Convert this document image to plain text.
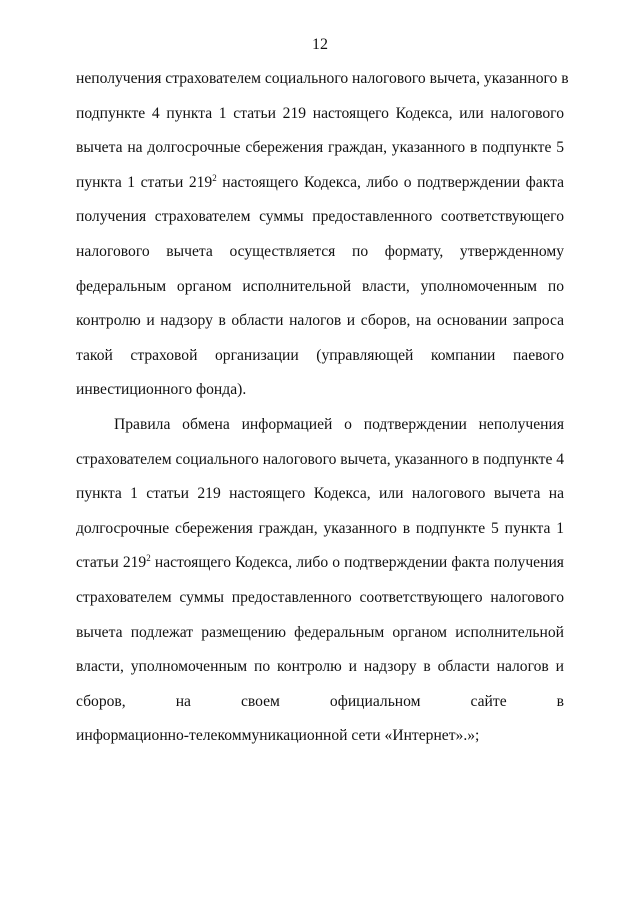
12
неполучения страхователем социального налогового вычета, указанного в
подпункте 4 пункта 1 статьи 219 настоящего Кодекса, или налогового
вычета на долгосрочные сбережения граждан, указанного в подпункте 5
пункта 1 статьи $219^2$ настоящего Кодекса, либо о подтверждении факта
получения страхователем суммы предоставленного соответствующего
налогового вычета осуществляется по формату, утвержденному
федеральным органом исполнительной власти, уполномоченным по
контролю и надзору в области налогов и сборов, на основании запроса
такой страховой организации (управляющей компании паевого
инвестиционного фонда).
Правила обмена информацией о подтверждении неполучения
страхователем социального налогового вычета, указанного в подпункте 4
пункта 1 статьи 219 настоящего Кодекса, или налогового вычета на
долгосрочные сбережения граждан, указанного в подпункте 5 пункта 1
статьи $219^2$ настоящего Кодекса, либо о подтверждении факта получения
страхователем суммы предоставленного соответствующего налогового
вычета подлежат размещению федеральным органом исполнительной
власти, уполномоченным по контролю и надзору в области налогов и
сборов, на своем официальном сайте в
информационно-телекоммуникационной сети «Интернет».»;
